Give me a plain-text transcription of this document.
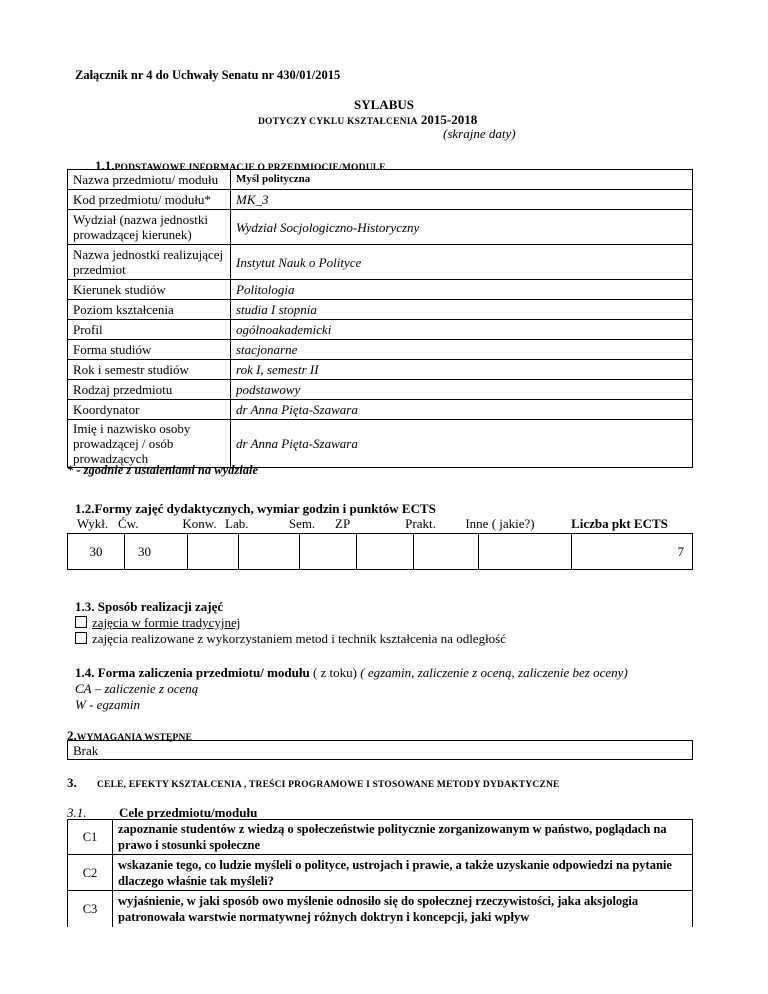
Załącznik nr 4 do Uchwały Senatu nr 430/01/2015
SYLABUS
DOTYCZY CYKLU KSZTAŁCENIA 2015-2018
(skrajne daty)
1.1.PODSTAWOWE INFORMACJE O PRZEDMIOCIE/MODULE
Nazwa przedmiotu/ modułu	Myśl polityczna
Kod przedmiotu/ modułu*	MK_3
Wydział (nazwa jednostki prowadzącej kierunek)	Wydział Socjologiczno-Historyczny
Nazwa jednostki realizującej przedmiot	Instytut Nauk o Polityce
Kierunek studiów	Politologia
Poziom kształcenia	studia I stopnia
Profil	ogólnoakademicki
Forma studiów	stacjonarne
Rok i semestr studiów	rok I, semestr II
Rodzaj przedmiotu	podstawowy
Koordynator	dr Anna Pięta-Szawara
Imię i nazwisko osoby prowadzącej / osób prowadzących	dr Anna Pięta-Szawara
* - zgodnie z ustaleniami na wydziale
1.2.Formy zajęć dydaktycznych, wymiar godzin i punktów ECTS
Wykł.	Ćw.	Konw.	Lab.	Sem.	ZP	Prakt.	Inne ( jakie?)	Liczba pkt ECTS
30	30							7
1.3. Sposób realizacji zajęć
zajęcia w formie tradycyjnej
zajęcia realizowane z wykorzystaniem metod i technik kształcenia na odległość
1.4. Forma zaliczenia przedmiotu/ modułu ( z toku) ( egzamin, zaliczenie z oceną, zaliczenie bez oceny)
CA – zaliczenie z oceną
W - egzamin
2.WYMAGANIA WSTĘPNE
Brak
3. CELE, EFEKTY KSZTAŁCENIA , TREŚCI PROGRAMOWE I STOSOWANE METODY DYDAKTYCZNE
3.1.	Cele przedmiotu/modułu
C1	zapoznanie studentów z wiedzą o społeczeństwie politycznie zorganizowanym w państwo, poglądach na prawo i stosunki społeczne
C2	wskazanie tego, co ludzie myśleli o polityce, ustrojach i prawie, a także uzyskanie odpowiedzi na pytanie dlaczego właśnie tak myśleli?
C3	wyjaśnienie, w jaki sposób owo myślenie odnosiło się do społecznej rzeczywistości, jaka aksjologia patronowała warstwie normatywnej różnych doktryn i koncepcji, jaki wpływ
